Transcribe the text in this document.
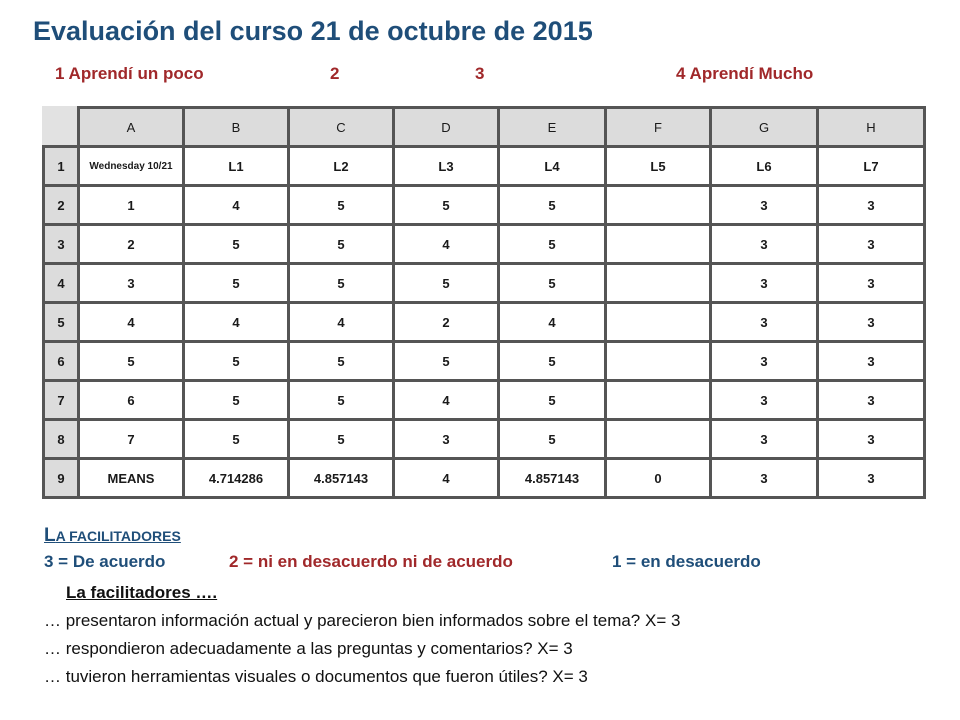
Evaluación del curso 21 de octubre de 2015
1 Aprendí un poco	2	3	4 Aprendí Mucho
	A	B	C	D	E	F	G	H
1	Wednesday 10/21	L1	L2	L3	L4	L5	L6	L7
2	1	4	5	5	5		3	3
3	2	5	5	4	5		3	3
4	3	5	5	5	5		3	3
5	4	4	4	2	4		3	3
6	5	5	5	5	5		3	3
7	6	5	5	4	5		3	3
8	7	5	5	3	5		3	3
9	MEANS	4.714286	4.857143	4	4.857143	0	3	3
LA FACILITADORES
3 = De acuerdo	2 = ni en desacuerdo ni de acuerdo	1 = en desacuerdo
La facilitadores ….
… presentaron información actual y parecieron bien informados sobre el tema? X= 3
… respondieron adecuadamente a las preguntas y comentarios? X= 3
… tuvieron herramientas visuales o documentos que fueron útiles? X= 3
